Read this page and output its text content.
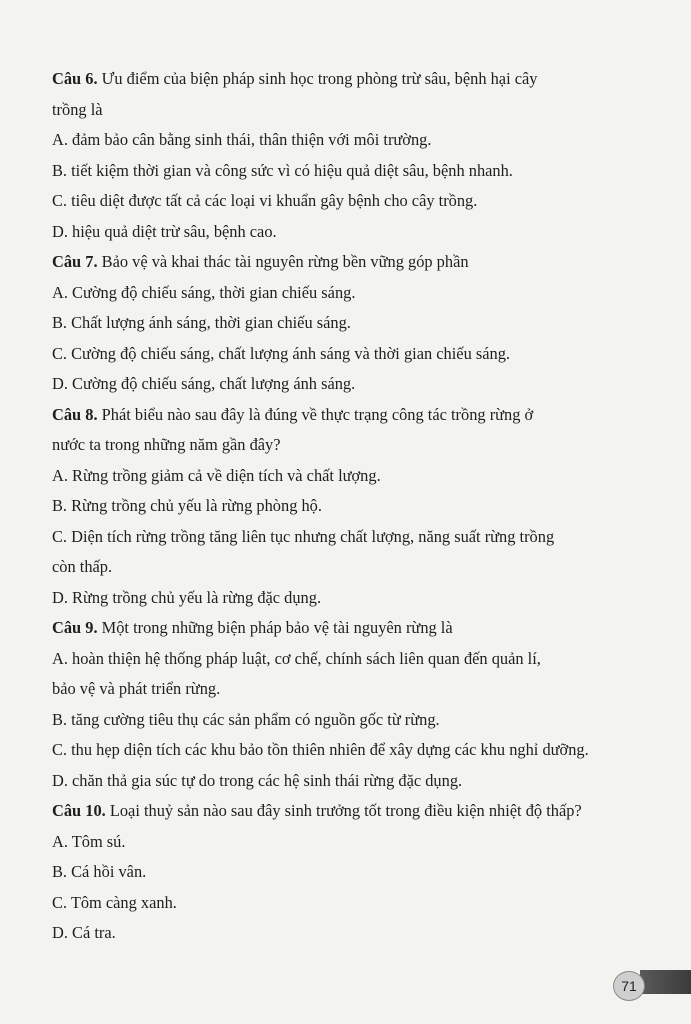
Câu 6. Ưu điểm của biện pháp sinh học trong phòng trừ sâu, bệnh hại cây
trồng là

A. đảm bảo cân bằng sinh thái, thân thiện với môi trường.

B. tiết kiệm thời gian và công sức vì có hiệu quả diệt sâu, bệnh nhanh.

C. tiêu diệt được tất cả các loại vi khuẩn gây bệnh cho cây trồng.

D. hiệu quả diệt trừ sâu, bệnh cao.

Câu 7. Bảo vệ và khai thác tài nguyên rừng bền vững góp phần

A. Cường độ chiếu sáng, thời gian chiếu sáng.

B. Chất lượng ánh sáng, thời gian chiếu sáng.

C. Cường độ chiếu sáng, chất lượng ánh sáng và thời gian chiếu sáng.

D. Cường độ chiếu sáng, chất lượng ánh sáng.

Câu 8. Phát biểu nào sau đây là đúng về thực trạng công tác trồng rừng ở
nước ta trong những năm gần đây?

A. Rừng trồng giảm cả về diện tích và chất lượng.

B. Rừng trồng chủ yếu là rừng phòng hộ.

C. Diện tích rừng trồng tăng liên tục nhưng chất lượng, năng suất rừng trồng
còn thấp.

D. Rừng trồng chủ yếu là rừng đặc dụng.

Câu 9. Một trong những biện pháp bảo vệ tài nguyên rừng là

A. hoàn thiện hệ thống pháp luật, cơ chế, chính sách liên quan đến quản lí,
bảo vệ và phát triển rừng.

B. tăng cường tiêu thụ các sản phẩm có nguồn gốc từ rừng.

C. thu hẹp diện tích các khu bảo tồn thiên nhiên để xây dựng các khu nghỉ dưỡng.

D. chăn thả gia súc tự do trong các hệ sinh thái rừng đặc dụng.

Câu 10. Loại thuỷ sản nào sau đây sinh trưởng tốt trong điều kiện nhiệt độ thấp?

A. Tôm sú.

B. Cá hồi vân.

C. Tôm càng xanh.

D. Cá tra.

71
